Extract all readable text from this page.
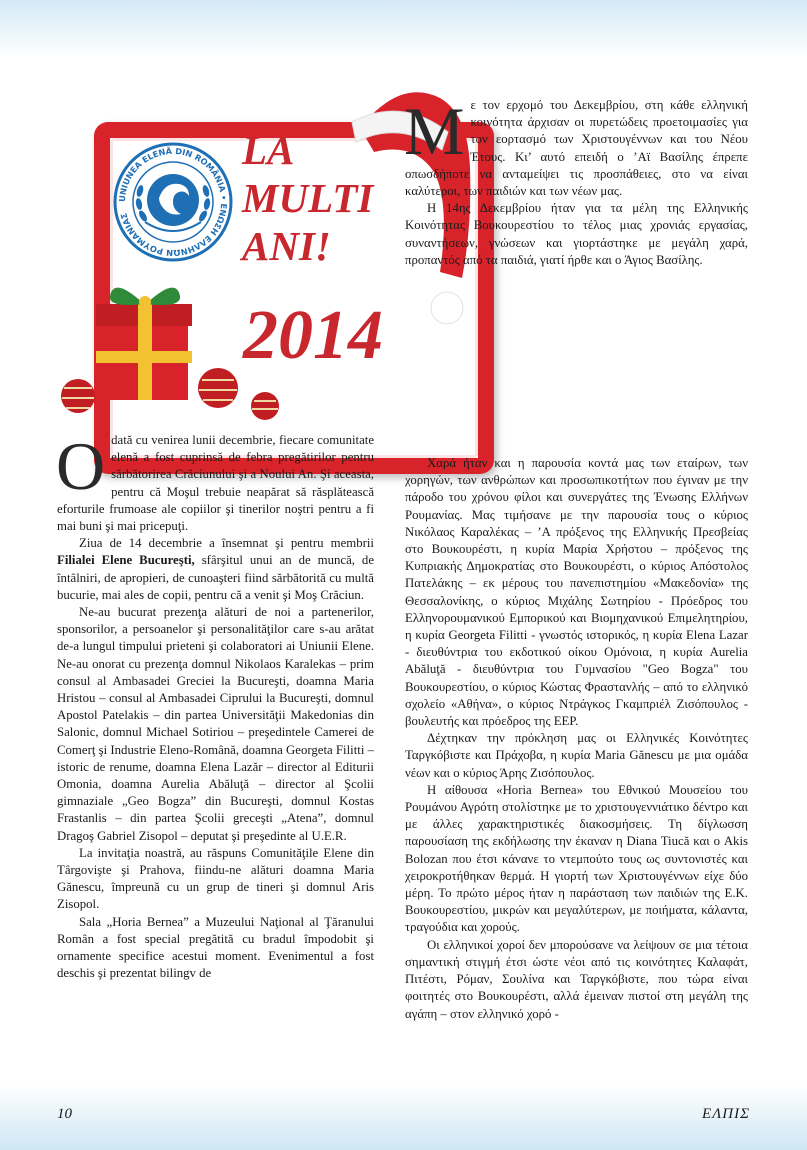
UNIUNEA ELENĂ DIN ROMÂNIA • ΕΝΩΣΗ ΕΛΛΗΝΩΝ ΡΟΥΜΑΝΙΑΣ
LA
MULTI
ANI!
2014

Με τον ερχομό του Δεκεμβρίου, στη κάθε ελληνική κοινότητα άρχισαν οι πυρετώδεις προετοιμασίες για τον εορτασμό των Χριστουγέννων και του Νέου Έτους. Κι’ αυτό επειδή ο ’Αϊ Βασίλης έπρεπε οπωσδήποτε να ανταμείψει τις προσπάθειες, στο να είναι καλύτεροι, των παιδιών και των νέων μας.

Η 14ης Δεκεμβρίου ήταν για τα μέλη της Ελληνικής Κοινότητας Βουκουρεστίου το τέλος μιας χρονιάς εργασίας, συναντήσεων, γνώσεων και γιορτάστηκε με μεγάλη χαρά, προπαντός από τα παιδιά, γιατί ήρθε και ο Άγιος Βασίλης.

Odată cu venirea lunii decembrie, fiecare comunitate elenă a fost cuprinsă de febra pregătirilor pentru sărbătorirea Crăciunului şi a Noului An. Şi aceasta, pentru că Moşul trebuie neapărat să răsplătească eforturile frumoase ale copiilor şi tinerilor noştri pentru a fi mai buni şi mai pricepuţi.

Ziua de 14 decembrie a însemnat şi pentru membrii Filialei Elene Bucureşti, sfârşitul unui an de muncă, de întâlniri, de apropieri, de cunoaşteri fiind sărbătorită cu multă bucurie, mai ales de copii, pentru că a venit şi Moş Crăciun.

Ne-au bucurat prezenţa alături de noi a partenerilor, sponsorilor, a persoanelor şi personalităţilor care s-au arătat de-a lungul timpului prieteni şi colaboratori ai Uniunii Elene. Ne-au onorat cu prezenţa domnul Nikolaos Karalekas – prim consul al Ambasadei Greciei la Bucureşti, doamna Maria Hristou – consul al Ambasadei Ciprului la Bucureşti, domnul Apostol Patelakis – din partea Universităţii Makedonias din Salonic, domnul Michael Sotiriou – preşedintele Camerei de Comerţ şi Industrie Eleno-Română, doamna Georgeta Filitti – istoric de renume, doamna Elena Lazăr – director al Editurii Omonia, doamna Aurelia Abăluţă – director al Şcolii gimnaziale „Geo Bogza” din Bucureşti, domnul Kostas Frastanlis – din partea Şcolii greceşti „Atena”, domnul Dragoş Gabriel Zisopol – deputat şi preşedinte al U.E.R.

La invitaţia noastră, au răspuns Comunităţile Elene din Târgovişte şi Prahova, fiindu-ne alături doamna Maria Gănescu, împreună cu un grup de tineri şi domnul Aris Zisopol.

Sala „Horia Bernea” a Muzeului Naţional al Ţăranului Român a fost special pregătită cu bradul împodobit şi ornamente specifice acestui moment. Evenimentul a fost deschis şi prezentat bilingv de

Χαρά ήταν και η παρουσία κοντά μας των εταίρων, των χορηγών, των ανθρώπων και προσωπικοτήτων που έγιναν με την πάροδο του χρόνου φίλοι και συνεργάτες της Ένωσης Ελλήνων Ρουμανίας. Μας τιμήσανε με την παρουσία τους ο κύριος Νικόλαος Καραλέκας – ’Α πρόξενος της Ελληνικής Πρεσβείας στο Βουκουρέστι, η κυρία Μαρία Χρήστου – πρόξενος της Κυπριακής Δημοκρατίας στο Βουκουρέστι, ο κύριος Απόστολος Πατελάκης – εκ μέρους του πανεπιστημίου «Μακεδονία» της Θεσσαλονίκης, ο κύριος Μιχάλης Σωτηρίου - Πρόεδρος του Ελληνορουμανικού Εμπορικού και Βιομηχανικού Επιμελητηρίου, η κυρία Georgeta Filitti - γνωστός ιστορικός, η κυρία Elena Lazar - διευθύντρια του εκδοτικού οίκου Ομόνοια, η κυρία Aurelia Abăluţă - διευθύντρια του Γυμνασίου "Geo Bogza" του Βουκουρεστίου, ο κύριος Κώστας Φραστανλής – από το ελληνικό σχολείο «Αθήνα», ο κύριος Ντράγκος Γκαμπριέλ Ζισόπουλος - βουλευτής και πρόεδρος της ΕΕΡ.

Δέχτηκαν την πρόκληση μας οι Ελληνικές Κοινότητες Ταργκόβιστε και Πράχοβα, η κυρία Maria Gănescu με μια ομάδα νέων και ο κύριος Άρης Ζισόπουλος.

Η αίθουσα «Horia Bernea» του Εθνικού Μουσείου του Ρουμάνου Αγρότη στολίστηκε με το χριστουγεννιάτικο δέντρο και με άλλες χαρακτηριστικές διακοσμήσεις. Τη δίγλωσση παρουσίαση της εκδήλωσης την έκαναν η Diana Tiucă και ο Akis Bolozan που έτσι κάνανε το ντεμπούτο τους ως συντονιστές και χειροκροτήθηκαν θερμά. Η γιορτή των Χριστουγέννων είχε δύο μέρη. Το πρώτο μέρος ήταν η παράσταση των παιδιών της Ε.Κ. Βουκουρεστίου, μικρών και μεγαλύτερων, με ποιήματα, κάλαντα, τραγούδια και χορούς.

Οι ελληνικοί χοροί δεν μπορούσανε να λείψουν σε μια τέτοια σημαντική στιγμή έτσι ώστε νέοι από τις κοινότητες Καλαφάτ, Πιτέστι, Ρόμαν, Σουλίνα και Ταργκόβιστε, που τώρα είναι φοιτητές στο Βουκουρέστι, αλλά έμειναν πιστοί στη μεγάλη της αγάπη – στον ελληνικό χορό -

10	ΕΛΠΙΣ
